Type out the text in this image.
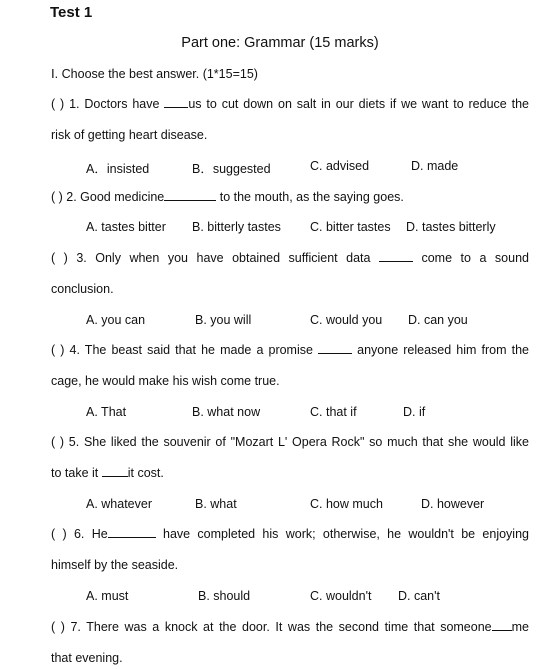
Test 1
Part one: Grammar (15 marks)
Ⅰ. Choose the best answer. (1*15=15)
( ) 1. Doctors have us to cut down on salt in our diets if we want to reduce the
risk of getting heart disease.
A．insisted	B．suggested	C. advised	D. made
( ) 2. Good medicine	to the mouth, as the saying goes.
A. tastes bitter B. bitterly tastes C. bitter tastes D. tastes bitterly
( ) 3. Only when you have obtained sufficient data	come to a sound
conclusion.
A. you can	B. you will	C. would you D. can you
( ) 4. The beast said that he made a promise	anyone released him from the
cage, he would make his wish come true.
A. That	B. what now	C. that if	D. if
( ) 5. She liked the souvenir of "Mozart L' Opera Rock" so much that she would like
to take it it cost.
A. whatever	B. what	C. how much	D. however
( ) 6. He	have completed his work; otherwise, he wouldn't be enjoying
himself by the seaside.
A. must	B. should	C. wouldn't D. can't
( ) 7. There was a knock at the door. It was the second time that someone me
that evening.
